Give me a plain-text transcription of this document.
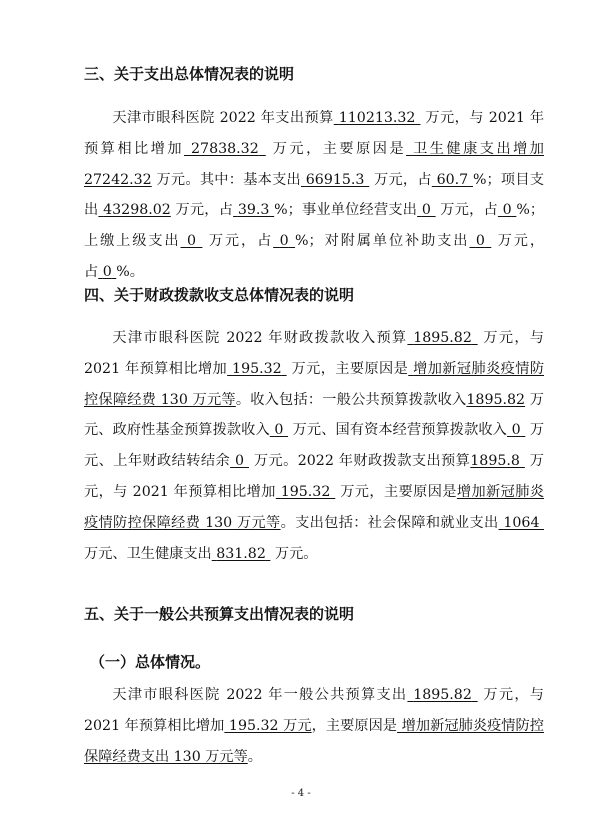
三、关于支出总体情况表的说明
天津市眼科医院 2022 年支出预算 110213.32  万元，与 2021 年预算相比增加 27838.32  万元，主要原因是 卫生健康支出增加 27242.32 万元。其中：基本支出 66915.3  万元，占 60.7 %；项目支出 43298.02 万元，占 39.3 %；事业单位经营支出 0  万元，占 0 %；上缴上级支出 0  万元，占 0 %；对附属单位补助支出 0  万元，占 0 %。
四、关于财政拨款收支总体情况表的说明
天津市眼科医院 2022 年财政拨款收入预算 1895.82  万元，与 2021 年预算相比增加 195.32  万元，主要原因是 增加新冠肺炎疫情防控保障经费 130 万元等。收入包括：一般公共预算拨款收入1895.82 万元、政府性基金预算拨款收入 0  万元、国有资本经营预算拨款收入 0  万元、上年财政结转结余 0  万元。2022 年财政拨款支出预算1895.8  万元，与 2021 年预算相比增加 195.32  万元，主要原因是增加新冠肺炎疫情防控保障经费 130 万元等。支出包括：社会保障和就业支出 1064  万元、卫生健康支出 831.82  万元。
五、关于一般公共预算支出情况表的说明
（一）总体情况。
天津市眼科医院 2022 年一般公共预算支出 1895.82  万元，与 2021 年预算相比增加 195.32 万元，主要原因是 增加新冠肺炎疫情防控保障经费支出 130 万元等。
- 4 -
